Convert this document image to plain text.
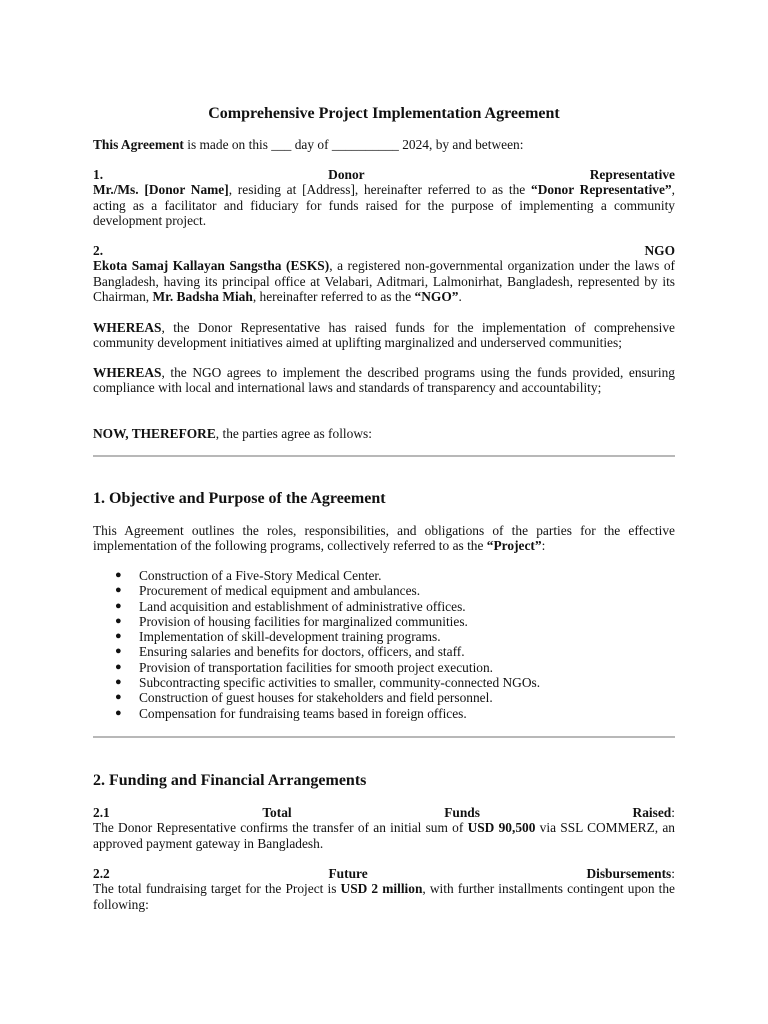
Comprehensive Project Implementation Agreement

This Agreement is made on this ___ day of __________ 2024, by and between:

1.	Donor	Representative
Mr./Ms. [Donor Name], residing at [Address], hereinafter referred to as the “Donor Representative”, acting as a facilitator and fiduciary for funds raised for the purpose of implementing a community development project.
2.	NGO
Ekota Samaj Kallayan Sangstha (ESKS), a registered non-governmental organization under the laws of Bangladesh, having its principal office at Velabari, Aditmari, Lalmonirhat, Bangladesh, represented by its Chairman, Mr. Badsha Miah, hereinafter referred to as the “NGO”.

WHEREAS, the Donor Representative has raised funds for the implementation of comprehensive community development initiatives aimed at uplifting marginalized and underserved communities;

WHEREAS, the NGO agrees to implement the described programs using the funds provided, ensuring compliance with local and international laws and standards of transparency and accountability;

NOW, THEREFORE, the parties agree as follows:

1. Objective and Purpose of the Agreement

This Agreement outlines the roles, responsibilities, and obligations of the parties for the effective implementation of the following programs, collectively referred to as the “Project”:

● Construction of a Five-Story Medical Center.
● Procurement of medical equipment and ambulances.
● Land acquisition and establishment of administrative offices.
● Provision of housing facilities for marginalized communities.
● Implementation of skill-development training programs.
● Ensuring salaries and benefits for doctors, officers, and staff.
● Provision of transportation facilities for smooth project execution.
● Subcontracting specific activities to smaller, community-connected NGOs.
● Construction of guest houses for stakeholders and field personnel.
● Compensation for fundraising teams based in foreign offices.
2. Funding and Financial Arrangements
2.1	Total	Funds	Raised:
The Donor Representative confirms the transfer of an initial sum of USD 90,500 via SSL COMMERZ, an approved payment gateway in Bangladesh.
2.2	Future	Disbursements:
The total fundraising target for the Project is USD 2 million, with further installments contingent upon the following:
